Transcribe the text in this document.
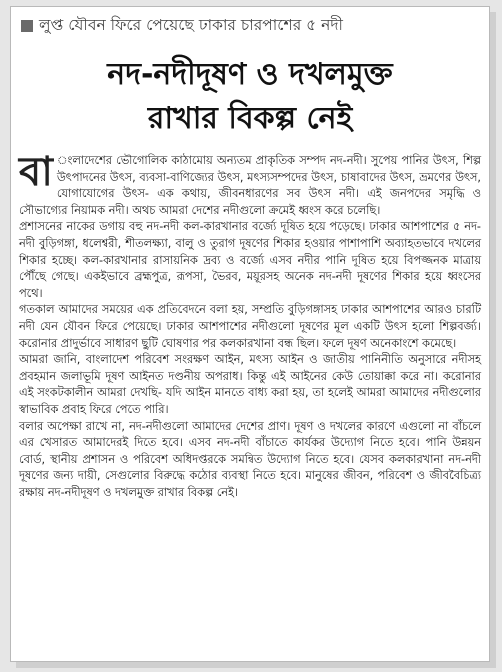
লুপ্ত যৌবন ফিরে পেয়েছে ঢাকার চারপাশের ৫ নদী
নদ-নদীদূষণ ও দখলমুক্ত
রাখার বিকল্প নেই

বা ংলাদেশের ভৌগোলিক কাঠামোয় অন্যতম প্রাকৃতিক সম্পদ নদ-নদী। সুপেয় পানির উৎস, শিল্প উৎপাদনের উৎস, ব্যবসা-বাণিজ্যের উৎস, মৎস্যসম্পদের উৎস, চাষাবাদের উৎস, ভ্রমণের উৎস, যোগাযোগের উৎস- এক কথায়, জীবনধারণের সব উৎস নদী। এই জনপদের সমৃদ্ধি ও সৌভাগ্যের নিয়ামক নদী। অথচ আমরা দেশের নদীগুলো ক্রমেই ধ্বংস করে চলেছি।

প্রশাসনের নাকের ডগায় বহু নদ-নদী কল-কারখানার বর্জ্যে দূষিত হয়ে পড়েছে। ঢাকার আশপাশের ৫ নদ-নদী বুড়িগঙ্গা, ধলেশ্বরী, শীতলক্ষ্যা, বালু ও তুরাগ দূষণের শিকার হওয়ার পাশাপাশি অব্যাহতভাবে দখলের শিকার হচ্ছে। কল-কারখানার রাসায়নিক দ্রব্য ও বর্জ্যে এসব নদীর পানি দূষিত হয়ে বিপজ্জনক মাত্রায় পৌঁছে গেছে। একইভাবে ব্রহ্মপুত্র, রূপসা, ভৈরব, ময়ূরসহ অনেক নদ-নদী দূষণের শিকার হয়ে ধ্বংসের পথে।

গতকাল আমাদের সময়ের এক প্রতিবেদনে বলা হয়, সম্প্রতি বুড়িগঙ্গাসহ ঢাকার আশপাশের আরও চারটি নদী যেন যৌবন ফিরে পেয়েছে। ঢাকার আশপাশের নদীগুলো দূষণের মূল একটি উৎস হলো শিল্পবর্জ্য। করোনার প্রাদুর্ভাবে সাধারণ ছুটি ঘোষণার পর কলকারখানা বন্ধ ছিল। ফলে দূষণ অনেকাংশে কমেছে।

আমরা জানি, বাংলাদেশ পরিবেশ সংরক্ষণ আইন, মৎস্য আইন ও জাতীয় পানিনীতি অনুসারে নদীসহ প্রবহমান জলাভূমি দূষণ আইনত দণ্ডনীয় অপরাধ। কিন্তু এই আইনের কেউ তোয়াক্কা করে না। করোনার এই সংকটকালীন আমরা দেখছি- যদি আইন মানতে বাধ্য করা হয়, তা হলেই আমরা আমাদের নদীগুলোর স্বাভাবিক প্রবাহ ফিরে পেতে পারি।

বলার অপেক্ষা রাখে না, নদ-নদীগুলো আমাদের দেশের প্রাণ। দূষণ ও দখলের কারণে এগুলো না বাঁচলে এর খেসারত আমাদেরই দিতে হবে। এসব নদ-নদী বাঁচাতে কার্যকর উদ্যোগ নিতে হবে। পানি উন্নয়ন বোর্ড, স্থানীয় প্রশাসন ও পরিবেশ অধিদপ্তরকে সমন্বিত উদ্যোগ নিতে হবে। যেসব কলকারখানা নদ-নদী দূষণের জন্য দায়ী, সেগুলোর বিরুদ্ধে কঠোর ব্যবস্থা নিতে হবে। মানুষের জীবন, পরিবেশ ও জীববৈচিত্র্য রক্ষায় নদ-নদীদূষণ ও দখলমুক্ত রাখার বিকল্প নেই।
